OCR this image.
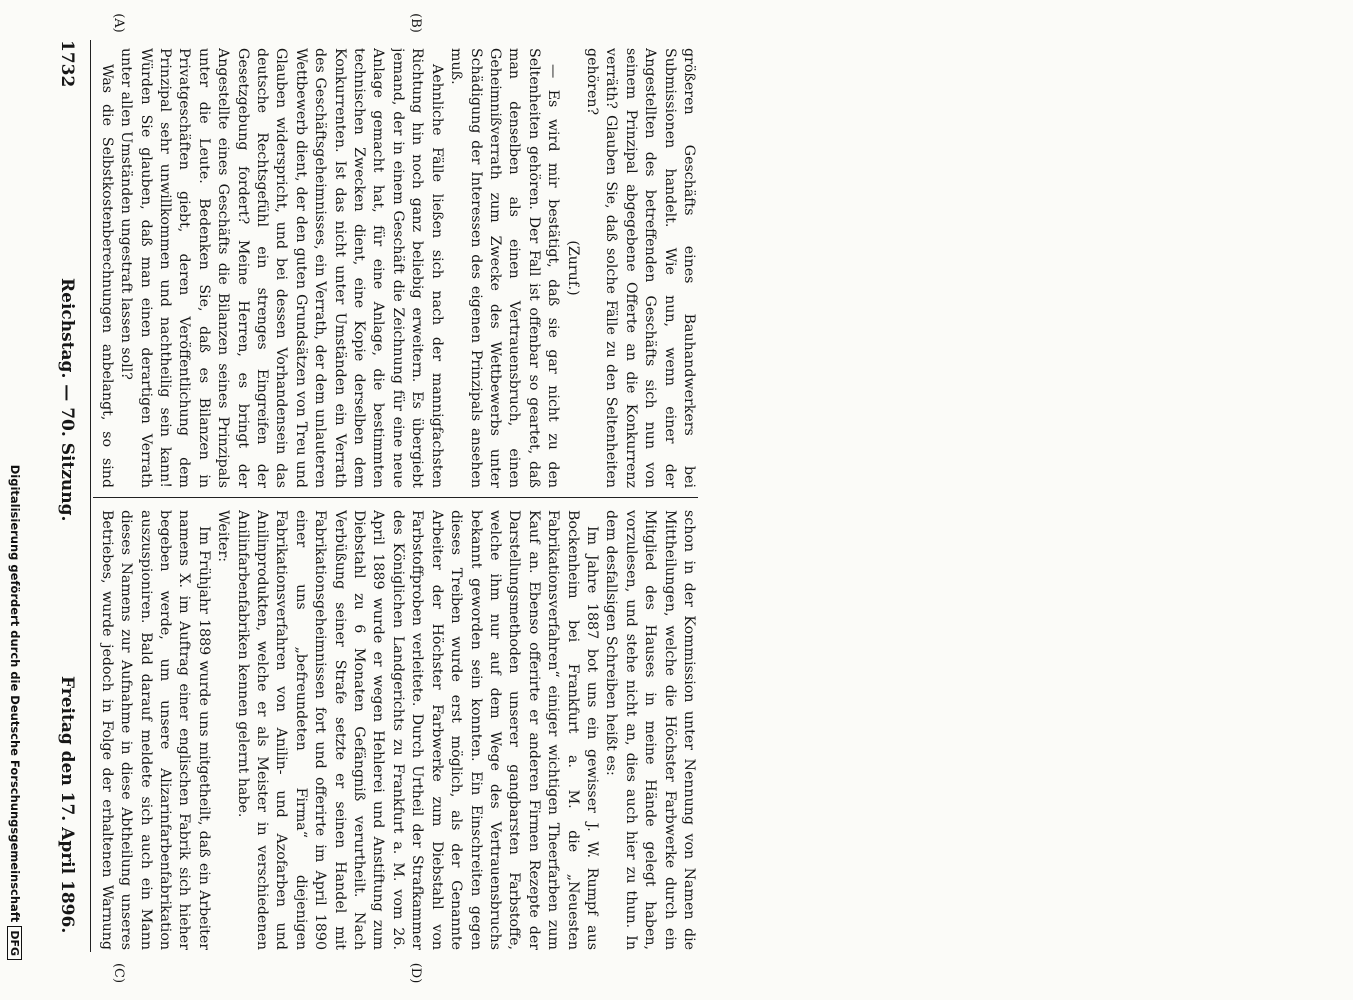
1732
Reichstag. — 70. Sitzung.
Freitag den 17. April 1896.
(A)	(B)
(C)	(D)

größeren Geschäfts eines Bauhandwerkers bei Submissionen handelt. Wie nun, wenn einer der Angestellten des betreffenden Geschäfts sich nun von seinem Prinzipal abgegebene Offerte an die Konkurrenz verräth? Glauben Sie, daß solche Fälle zu den Seltenheiten gehören?

(Zuruf.)

— Es wird mir bestätigt, daß sie gar nicht zu den Seltenheiten gehören. Der Fall ist offenbar so geartet, daß man denselben als einen Vertrauensbruch, einen Geheimnißverrath zum Zwecke des Wettbewerbs unter Schädigung der Interessen des eigenen Prinzipals ansehen muß.

Aehnliche Fälle ließen sich nach der mannigfachsten Richtung hin noch ganz beliebig erweitern. Es übergiebt jemand, der in einem Geschäft die Zeichnung für eine neue Anlage gemacht hat, für eine Anlage, die bestimmten technischen Zwecken dient, eine Kopie derselben dem Konkurrenten. Ist das nicht unter Umständen ein Verrath des Geschäftsgeheimnisses, ein Verrath, der dem unlauteren Wettbewerb dient, der den guten Grundsätzen von Treu und Glauben widerspricht, und bei dessen Vorhandensein das deutsche Rechtsgefühl ein strenges Eingreifen der Gesetzgebung fordert? Meine Herren, es bringt der Angestellte eines Geschäfts die Bilanzen seines Prinzipals unter die Leute. Bedenken Sie, daß es Bilanzen in Privatgeschäften giebt, deren Veröffentlichung dem Prinzipal sehr unwillkommen und nachtheilig sein kann! Würden Sie glauben, daß man einen derartigen Verrath unter allen Umständen ungestraft lassen soll?

Was die Selbstkostenberechnungen anbelangt, so sind

schon in der Kommission unter Nennung von Namen die Mittheilungen, welche die Höchster Farbwerke durch ein Mitglied des Hauses in meine Hände gelegt haben, vorzulesen, und stehe nicht an, dies auch hier zu thun. In dem desfallsigen Schreiben heißt es:

Im Jahre 1887 bot uns ein gewisser J. W. Rumpf aus Bockenheim bei Frankfurt a. M. die „Neuesten Fabrikationsverfahren“ einiger wichtigen Theerfarben zum Kauf an. Ebenso offerirte er anderen Firmen Rezepte der Darstellungsmethoden unserer gangbarsten Farbstoffe, welche ihm nur auf dem Wege des Vertrauensbruchs bekannt geworden sein konnten. Ein Einschreiten gegen dieses Treiben wurde erst möglich, als der Genannte Arbeiter der Höchster Farbwerke zum Diebstahl von Farbstoffproben verleitete. Durch Urtheil der Strafkammer des Königlichen Landgerichts zu Frankfurt a. M. vom 26. April 1889 wurde er wegen Hehlerei und Anstiftung zum Diebstahl zu 6 Monaten Gefängniß verurtheilt. Nach Verbüßung seiner Strafe setzte er seinen Handel mit Fabrikationsgeheimnissen fort und offerirte im April 1890 einer uns „befreundeten Firma“ diejenigen Fabrikationsverfahren von Anilin- und Azofarben und Anilinprodukten, welche er als Meister in verschiedenen Anilinfarbenfabriken kennen gelernt habe.

Weiter:

Im Frühjahr 1889 wurde uns mitgetheilt, daß ein Arbeiter namens X. im Auftrag einer englischen Fabrik sich hieher begeben werde, um unsere Alizarinfarbenfabrikation auszuspioniren. Bald darauf meldete sich auch ein Mann dieses Namens zur Aufnahme in diese Abtheilung unseres Betriebes, wurde jedoch in Folge der erhaltenen Warnung

Digitalisierung gefördert durch die Deutsche ForschungsgemeinschaftDFG
